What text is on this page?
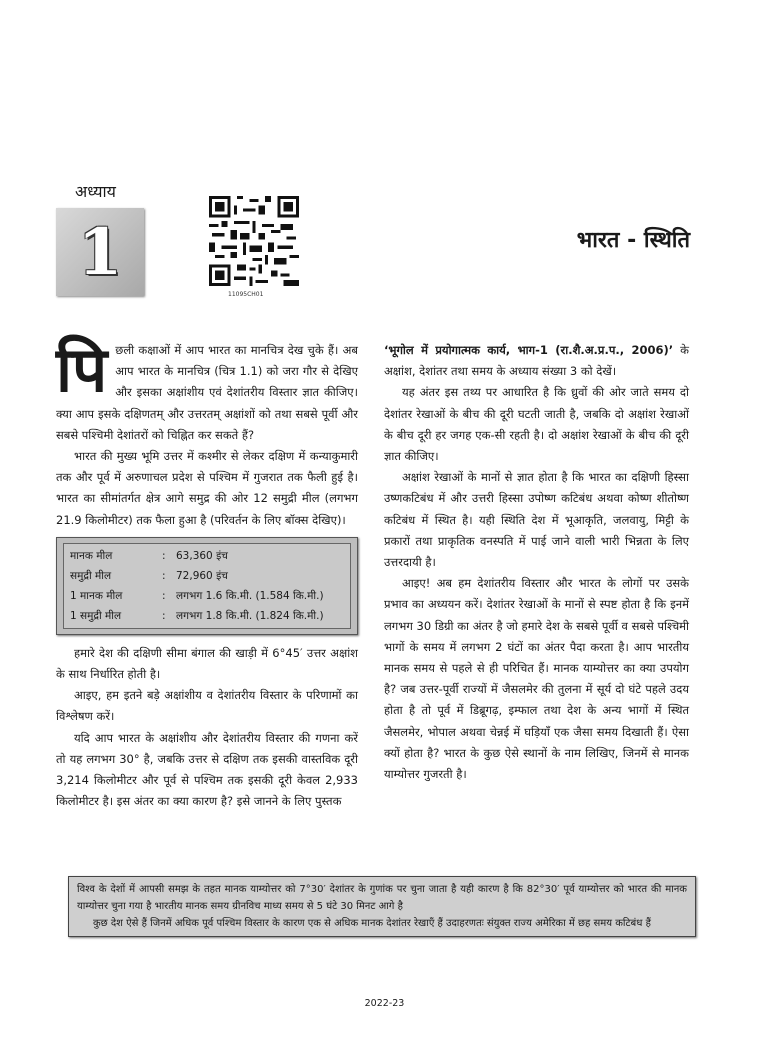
अध्याय
1
11095CH01
भारत - स्थिति

पिछली कक्षाओं में आप भारत का मानचित्र देख चुके हैं। अब आप भारत के मानचित्र (चित्र 1.1) को जरा गौर से देखिए और इसका अक्षांशीय एवं देशांतरीय विस्तार ज्ञात कीजिए। क्या आप इसके दक्षिणतम् और उत्तरतम् अक्षांशों को तथा सबसे पूर्वी और सबसे पश्चिमी देशांतरों को चिह्नित कर सकते हैं?

भारत की मुख्य भूमि उत्तर में कश्मीर से लेकर दक्षिण में कन्याकुमारी तक और पूर्व में अरुणाचल प्रदेश से पश्चिम में गुजरात तक फैली हुई है। भारत का सीमांतर्गत क्षेत्र आगे समुद्र की ओर 12 समुद्री मील (लगभग 21.9 किलोमीटर) तक फैला हुआ है (परिवर्तन के लिए बॉक्स देखिए)।

मानक मील	: 63,360 इंच
समुद्री मील	: 72,960 इंच
1 मानक मील	: लगभग 1.6 कि.मी. (1.584 कि.मी.)
1 समुद्री मील	: लगभग 1.8 कि.मी. (1.824 कि.मी.)

हमारे देश की दक्षिणी सीमा बंगाल की खाड़ी में 6°45′ उत्तर अक्षांश के साथ निर्धारित होती है।

आइए, हम इतने बड़े अक्षांशीय व देशांतरीय विस्तार के परिणामों का विश्लेषण करें।

यदि आप भारत के अक्षांशीय और देशांतरीय विस्तार की गणना करें तो यह लगभग 30° है, जबकि उत्तर से दक्षिण तक इसकी वास्तविक दूरी 3,214 किलोमीटर और पूर्व से पश्चिम तक इसकी दूरी केवल 2,933 किलोमीटर है। इस अंतर का क्या कारण है? इसे जानने के लिए पुस्तक

‘भूगोल में प्रयोगात्मक कार्य, भाग-1 (रा.शै.अ.प्र.प., 2006)’ के अक्षांश, देशांतर तथा समय के अध्याय संख्या 3 को देखें।

यह अंतर इस तथ्य पर आधारित है कि ध्रुवों की ओर जाते समय दो देशांतर रेखाओं के बीच की दूरी घटती जाती है, जबकि दो अक्षांश रेखाओं के बीच दूरी हर जगह एक-सी रहती है। दो अक्षांश रेखाओं के बीच की दूरी ज्ञात कीजिए।

अक्षांश रेखाओं के मानों से ज्ञात होता है कि भारत का दक्षिणी हिस्सा उष्णकटिबंध में और उत्तरी हिस्सा उपोष्ण कटिबंध अथवा कोष्ण शीतोष्ण कटिबंध में स्थित है। यही स्थिति देश में भूआकृति, जलवायु, मिट्टी के प्रकारों तथा प्राकृतिक वनस्पति में पाई जाने वाली भारी भिन्नता के लिए उत्तरदायी है।

आइए! अब हम देशांतरीय विस्तार और भारत के लोगों पर उसके प्रभाव का अध्ययन करें। देशांतर रेखाओं के मानों से स्पष्ट होता है कि इनमें लगभग 30 डिग्री का अंतर है जो हमारे देश के सबसे पूर्वी व सबसे पश्चिमी भागों के समय में लगभग 2 घंटों का अंतर पैदा करता है। आप भारतीय मानक समय से पहले से ही परिचित हैं। मानक याम्योत्तर का क्या उपयोग है? जब उत्तर-पूर्वी राज्यों में जैसलमेर की तुलना में सूर्य दो घंटे पहले उदय होता है तो पूर्व में डिब्रूगढ़, इम्फाल तथा देश के अन्य भागों में स्थित जैसलमेर, भोपाल अथवा चेन्नई में घड़ियाँ एक जैसा समय दिखाती हैं। ऐसा क्यों होता है? भारत के कुछ ऐसे स्थानों के नाम लिखिए, जिनमें से मानक याम्योत्तर गुजरती है।

विश्व के देशों में आपसी समझ के तहत मानक याम्योत्तर को 7°30′ देशांतर के गुणांक पर चुना जाता है यही कारण है कि 82°30′ पूर्व याम्योत्तर को भारत की मानक याम्योत्तर चुना गया है भारतीय मानक समय ग्रीनविच माध्य समय से 5 घंटे 30 मिनट आगे है

कुछ देश ऐसे हैं जिनमें अधिक पूर्व पश्चिम विस्तार के कारण एक से अधिक मानक देशांतर रेखाएँ हैं उदाहरणतः संयुक्त राज्य अमेरिका में छह समय कटिबंध हैं

2022-23
